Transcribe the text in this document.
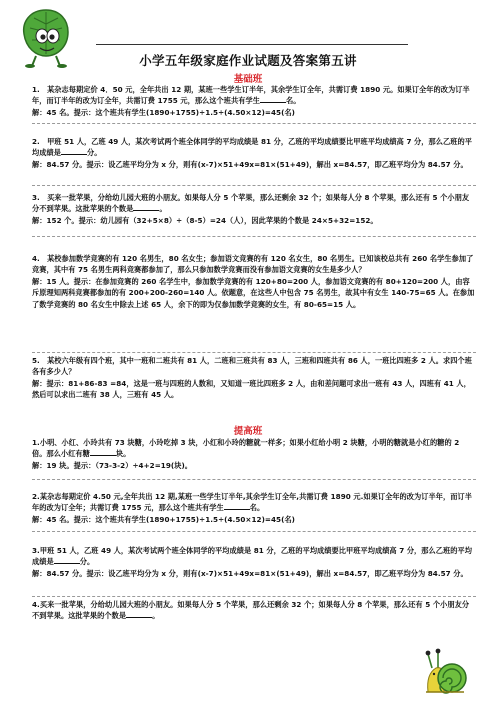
小学五年级家庭作业试题及答案第五讲
基础班

1.　某杂志每期定价 4．50 元，全年共出 12 期，某班一些学生订半年，其余学生订全年，共需订费 1890 元。如果订全年的改为订半年，而订半年的改为订全年，共需订费 1755 元，那么这个班共有学生	名。

解：45 名。提示：这个班共有学生(1890+1755)÷1.5÷(4.50×12)=45(名)

2.　甲班 51 人，乙班 49 人，某次考试两个班全体同学的平均成绩是 81 分，乙班的平均成绩要比甲班平均成绩高 7 分，那么乙班的平均成绩是	分。

解：84.57 分。提示：设乙班平均分为 x 分，则有(x-7)×51+49x=81×(51+49)，解出 x=84.57，即乙班平均分为 84.57 分。

3.　买来一批苹果，分给幼儿园大班的小朋友。如果每人分 5 个苹果，那么还剩余 32 个；如果每人分 8 个苹果，那么还有 5 个小朋友分不到苹果。这批苹果的个数是	。

解：152 个。提示：幼儿园有（32+5×8）÷（8-5）=24（人），因此苹果的个数是 24×5+32=152。

4.　某校参加数学竞赛的有 120 名男生，80 名女生；参加语文竞赛的有 120 名女生，80 名男生。已知该校总共有 260 名学生参加了竞赛，其中有 75 名男生两科竞赛都参加了，那么只参加数学竞赛而没有参加语文竞赛的女生是多少人？

解：15 人。提示：在参加竞赛的 260 名学生中，参加数学竞赛的有 120+80=200 人，参加语文竞赛的有 80+120=200 人，由容斥原理知两科竞赛都参加的有 200+200-260=140 人。依题意，在这些人中包含 75 名男生，故其中有女生 140-75=65 人。在参加了数学竞赛的 80 名女生中除去上述 65 人，余下的即为仅参加数学竞赛的女生，有 80-65=15 人。

5.　某校六年级有四个班，其中一班和二班共有 81 人，二班和三班共有 83 人，三班和四班共有 86 人，一班比四班多 2 人。求四个班各有多少人？

解：提示：81+86-83 =84，这是一班与四班的人数和，又知道一班比四班多 2 人，由和差问题可求出一班有 43 人，四班有 41 人，然后可以求出二班有 38 人，三班有 45 人。

提高班

1.小明、小红、小玲共有 73 块糖，小玲吃掉 3 块，小红和小玲的糖就一样多；如果小红给小明 2 块糖，小明的糖就是小红的糖的 2 倍。那么小红有糖	块。

解：19 块。提示：（73-3-2）÷4+2=19(块)。

2.某杂志每期定价 4.50 元,全年共出 12 期,某班一些学生订半年,其余学生订全年,共需订费 1890 元.如果订全年的改为订半年，而订半年的改为订全年；共需订费 1755 元，那么这个班共有学生	名。

解：45 名。提示：这个班共有学生(1890+1755)÷1.5÷(4.50×12)=45(名)

3.甲班 51 人，乙班 49 人，某次考试两个班全体同学的平均成绩是 81 分，乙班的平均成绩要比甲班平均成绩高 7 分，那么乙班的平均成绩是	分。

解：84.57 分。提示：设乙班平均分为 x 分，则有(x-7)×51+49x=81×(51+49)，解出 x=84.57，即乙班平均分为 84.57 分。

4.买来一批苹果，分给幼儿园大班的小朋友。如果每人分 5 个苹果，那么还剩余 32 个；如果每人分 8 个苹果，那么还有 5 个小朋友分不到苹果。这批苹果的个数是	。
